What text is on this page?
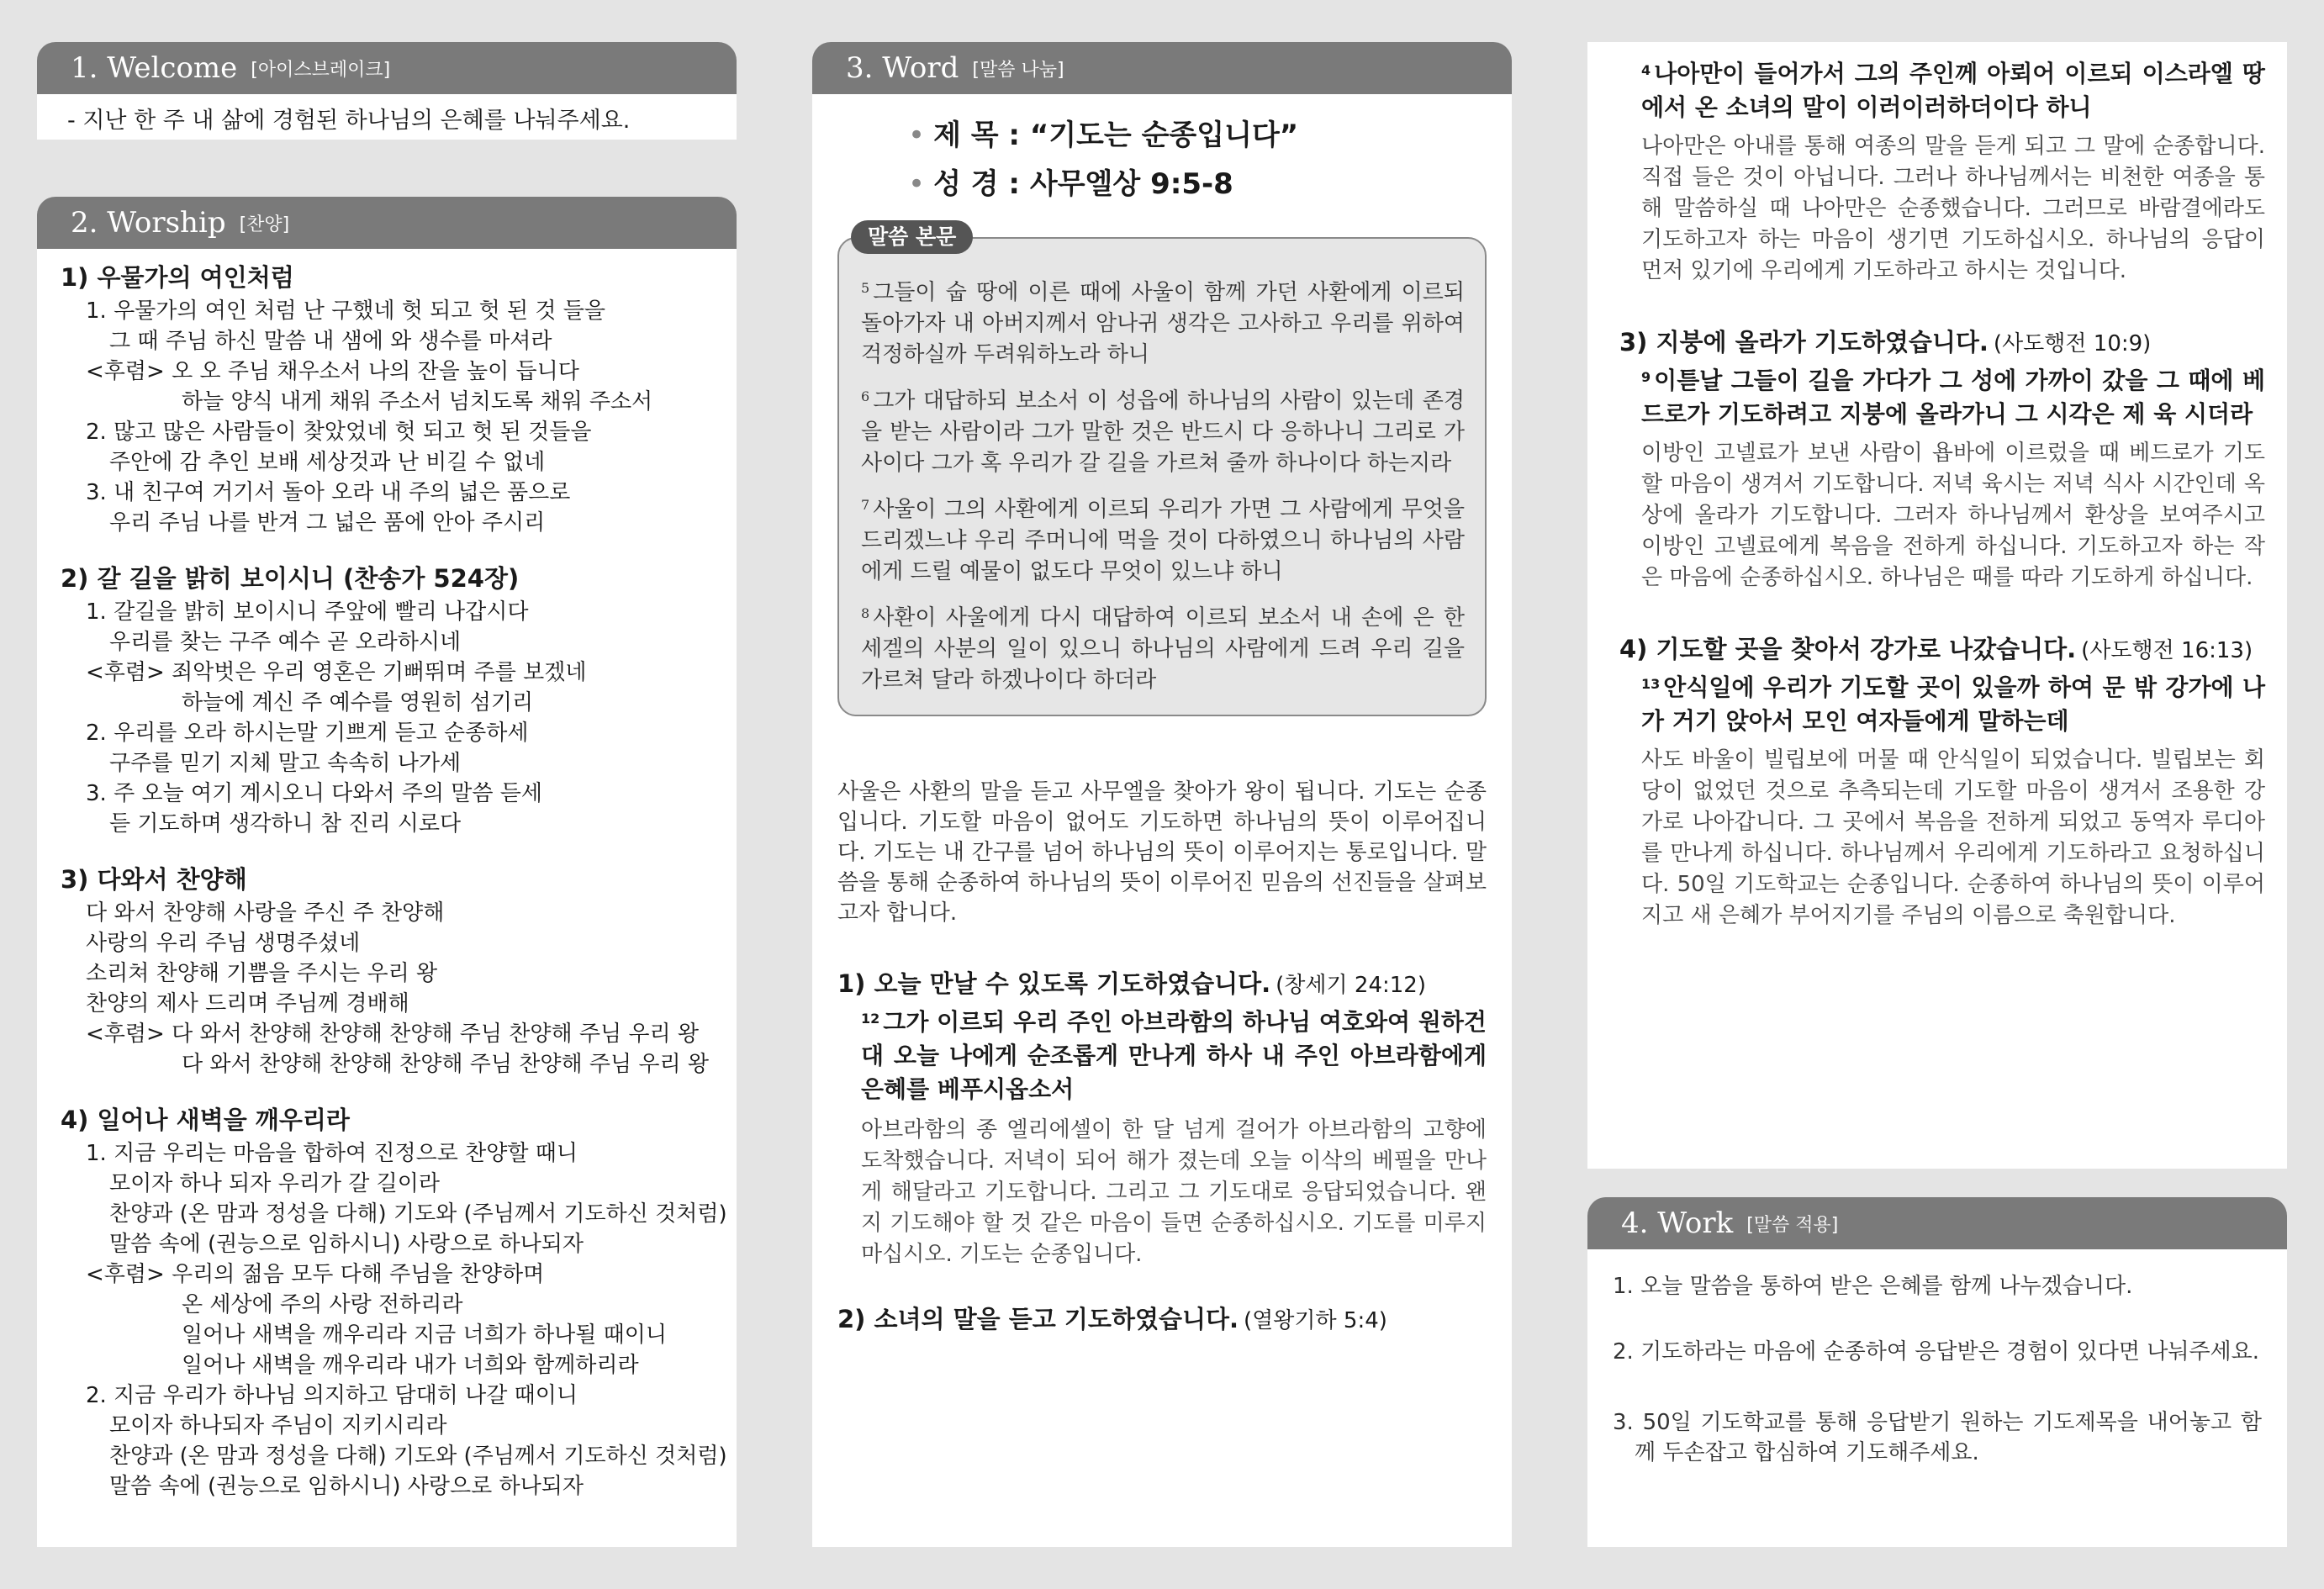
1. Welcome [아이스브레이크]
- 지난 한 주 내 삶에 경험된 하나님의 은혜를 나눠주세요.
2. Worship [찬양]
1) 우물가의 여인처럼
1. 우물가의 여인 처럼 난 구했네 헛 되고 헛 된 것 들을
그 때 주님 하신 말씀 내 샘에 와 생수를 마셔라
<후렴> 오 오 주님 채우소서 나의 잔을 높이 듭니다
하늘 양식 내게 채워 주소서 넘치도록 채워 주소서
2. 많고 많은 사람들이 찾았었네 헛 되고 헛 된 것들을
주안에 감 추인 보배 세상것과 난 비길 수 없네
3. 내 친구여 거기서 돌아 오라 내 주의 넓은 품으로
우리 주님 나를 반겨 그 넓은 품에 안아 주시리
2) 갈 길을 밝히 보이시니 (찬송가 524장)
1. 갈길을 밝히 보이시니 주앞에 빨리 나갑시다
우리를 찾는 구주 예수 곧 오라하시네
<후렴> 죄악벗은 우리 영혼은 기뻐뛰며 주를 보겠네
하늘에 계신 주 예수를 영원히 섬기리
2. 우리를 오라 하시는말 기쁘게 듣고 순종하세
구주를 믿기 지체 말고 속속히 나가세
3. 주 오늘 여기 계시오니 다와서 주의 말씀 듣세
듣 기도하며 생각하니 참 진리 시로다
3) 다와서 찬양해
다 와서 찬양해 사랑을 주신 주 찬양해
사랑의 우리 주님 생명주셨네
소리쳐 찬양해 기쁨을 주시는 우리 왕
찬양의 제사 드리며 주님께 경배해
<후렴> 다 와서 찬양해 찬양해 찬양해 주님 찬양해 주님 우리 왕
다 와서 찬양해 찬양해 찬양해 주님 찬양해 주님 우리 왕
4) 일어나 새벽을 깨우리라
1. 지금 우리는 마음을 합하여 진정으로 찬양할 때니
모이자 하나 되자 우리가 갈 길이라
찬양과 (온 맘과 정성을 다해) 기도와 (주님께서 기도하신 것처럼)
말씀 속에 (권능으로 임하시니) 사랑으로 하나되자
<후렴> 우리의 젊음 모두 다해 주님을 찬양하며
온 세상에 주의 사랑 전하리라
일어나 새벽을 깨우리라 지금 너희가 하나될 때이니
일어나 새벽을 깨우리라 내가 너희와 함께하리라
2. 지금 우리가 하나님 의지하고 담대히 나갈 때이니
모이자 하나되자 주님이 지키시리라
찬양과 (온 맘과 정성을 다해) 기도와 (주님께서 기도하신 것처럼)
말씀 속에 (권능으로 임하시니) 사랑으로 하나되자
3. Word [말씀 나눔]
• 제 목 : “기도는 순종입니다”
• 성 경 : 사무엘상 9:5-8
말씀 본문

$^5$ 그들이 숩 땅에 이른 때에 사울이 함께 가던 사환에게 이르되 돌아가자 내 아버지께서 암나귀 생각은 고사하고 우리를 위하여 걱정하실까 두려워하노라 하니

$^6$ 그가 대답하되 보소서 이 성읍에 하나님의 사람이 있는데 존경을 받는 사람이라 그가 말한 것은 반드시 다 응하나니 그리로 가사이다 그가 혹 우리가 갈 길을 가르쳐 줄까 하나이다 하는지라

$^7$ 사울이 그의 사환에게 이르되 우리가 가면 그 사람에게 무엇을 드리겠느냐 우리 주머니에 먹을 것이 다하였으니 하나님의 사람에게 드릴 예물이 없도다 무엇이 있느냐 하니

$^8$ 사환이 사울에게 다시 대답하여 이르되 보소서 내 손에 은 한 세겔의 사분의 일이 있으니 하나님의 사람에게 드려 우리 길을 가르쳐 달라 하겠나이다 하더라

사울은 사환의 말을 듣고 사무엘을 찾아가 왕이 됩니다. 기도는 순종입니다. 기도할 마음이 없어도 기도하면 하나님의 뜻이 이루어집니다. 기도는 내 간구를 넘어 하나님의 뜻이 이루어지는 통로입니다. 말씀을 통해 순종하여 하나님의 뜻이 이루어진 믿음의 선진들을 살펴보고자 합니다.
1) 오늘 만날 수 있도록 기도하였습니다. (창세기 24:12)
$^{12}$ 그가 이르되 우리 주인 아브라함의 하나님 여호와여 원하건대 오늘 나에게 순조롭게 만나게 하사 내 주인 아브라함에게 은혜를 베푸시옵소서
아브라함의 종 엘리에셀이 한 달 넘게 걸어가 아브라함의 고향에 도착했습니다. 저녁이 되어 해가 졌는데 오늘 이삭의 베필을 만나게 해달라고 기도합니다. 그리고 그 기도대로 응답되었습니다. 왠지 기도해야 할 것 같은 마음이 들면 순종하십시오. 기도를 미루지 마십시오. 기도는 순종입니다.
2) 소녀의 말을 듣고 기도하였습니다. (열왕기하 5:4)
$^4$ 나아만이 들어가서 그의 주인께 아뢰어 이르되 이스라엘 땅에서 온 소녀의 말이 이러이러하더이다 하니
나아만은 아내를 통해 여종의 말을 듣게 되고 그 말에 순종합니다. 직접 들은 것이 아닙니다. 그러나 하나님께서는 비천한 여종을 통해 말씀하실 때 나아만은 순종했습니다. 그러므로 바람결에라도 기도하고자 하는 마음이 생기면 기도하십시오. 하나님의 응답이 먼저 있기에 우리에게 기도하라고 하시는 것입니다.
3) 지붕에 올라가 기도하였습니다. (사도행전 10:9)
$^9$ 이튿날 그들이 길을 가다가 그 성에 가까이 갔을 그 때에 베드로가 기도하려고 지붕에 올라가니 그 시각은 제 육 시더라
이방인 고넬료가 보낸 사람이 욥바에 이르렀을 때 베드로가 기도할 마음이 생겨서 기도합니다. 저녁 육시는 저녁 식사 시간인데 옥상에 올라가 기도합니다. 그러자 하나님께서 환상을 보여주시고 이방인 고넬료에게 복음을 전하게 하십니다. 기도하고자 하는 작은 마음에 순종하십시오. 하나님은 때를 따라 기도하게 하십니다.
4) 기도할 곳을 찾아서 강가로 나갔습니다. (사도행전 16:13)
$^{13}$ 안식일에 우리가 기도할 곳이 있을까 하여 문 밖 강가에 나가 거기 앉아서 모인 여자들에게 말하는데
사도 바울이 빌립보에 머물 때 안식일이 되었습니다. 빌립보는 회당이 없었던 것으로 추측되는데 기도할 마음이 생겨서 조용한 강가로 나아갑니다. 그 곳에서 복음을 전하게 되었고 동역자 루디아를 만나게 하십니다. 하나님께서 우리에게 기도하라고 요청하십니다. 50일 기도학교는 순종입니다. 순종하여 하나님의 뜻이 이루어지고 새 은혜가 부어지기를 주님의 이름으로 축원합니다.
4. Work [말씀 적용]
1. 오늘 말씀을 통하여 받은 은혜를 함께 나누겠습니다.
2. 기도하라는 마음에 순종하여 응답받은 경험이 있다면 나눠주세요.
3. 50일 기도학교를 통해 응답받기 원하는 기도제목을 내어놓고 함께 두손잡고 합심하여 기도해주세요.
